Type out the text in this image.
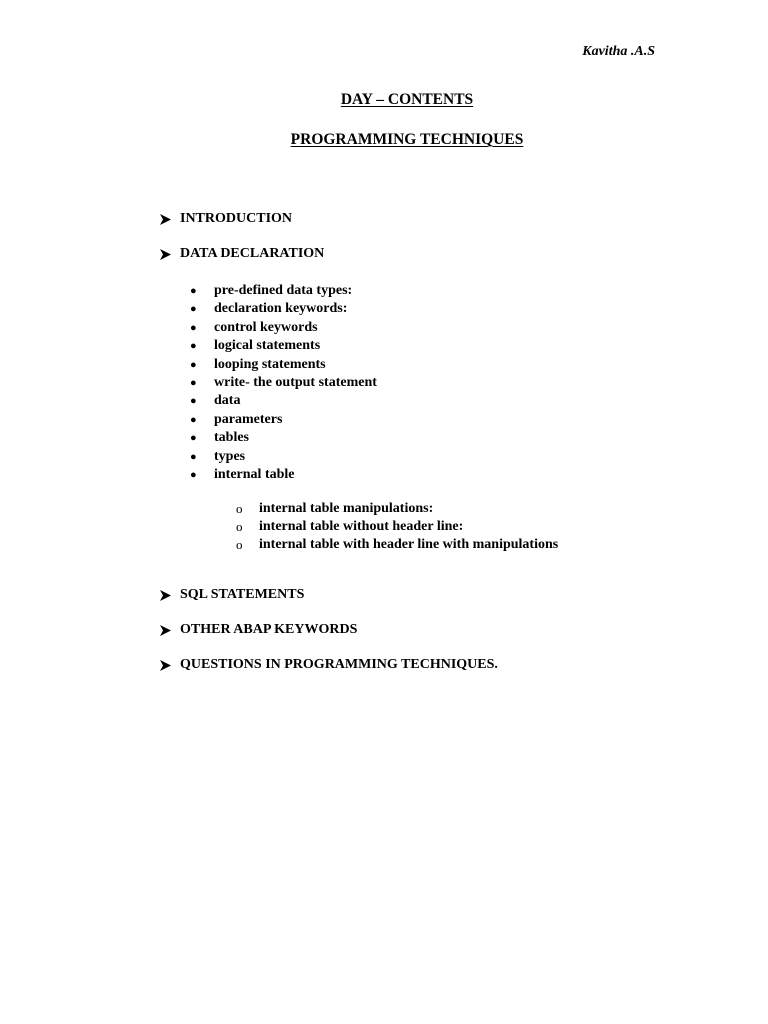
Kavitha .A.S
DAY – CONTENTS
PROGRAMMING TECHNIQUES
INTRODUCTION
DATA DECLARATION
●	pre-defined data types:
●	declaration keywords:
●	control keywords
●	logical statements
●	looping statements
●	write- the output statement
●	data
●	parameters
●	tables
●	types
●	internal table
o	internal table manipulations:
o	internal table without header line:
o	internal table with header line with manipulations
SQL STATEMENTS
OTHER ABAP KEYWORDS
QUESTIONS IN PROGRAMMING TECHNIQUES.
